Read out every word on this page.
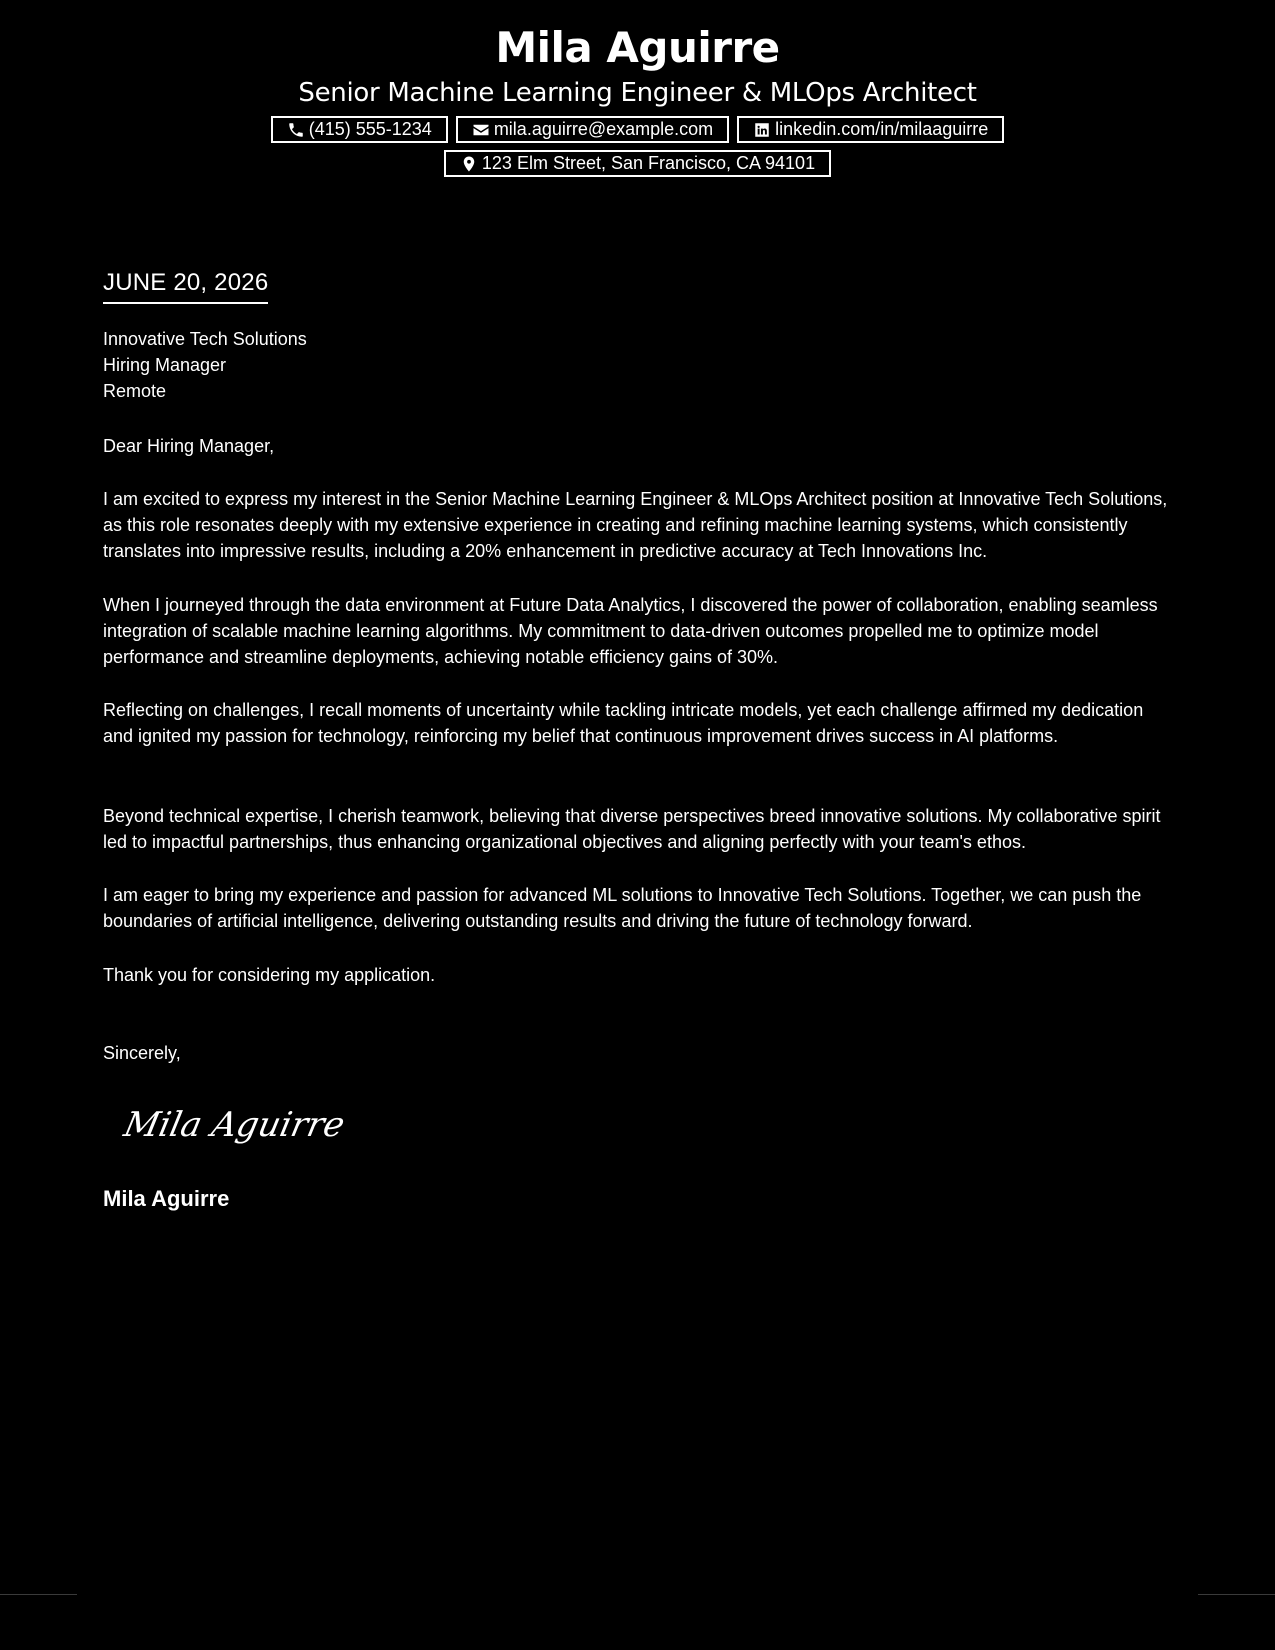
Mila Aguirre
Senior Machine Learning Engineer & MLOps Architect
(415) 555-1234	mila.aguirre@example.com	linkedin.com/in/milaaguirre
123 Elm Street, San Francisco, CA 94101
JUNE 20, 2026
Innovative Tech Solutions
Hiring Manager
Remote
Dear Hiring Manager,
I am excited to express my interest in the Senior Machine Learning Engineer & MLOps Architect position at Innovative Tech Solutions, as this role resonates deeply with my extensive experience in creating and refining machine learning systems, which consistently translates into impressive results, including a 20% enhancement in predictive accuracy at Tech Innovations Inc.
When I journeyed through the data environment at Future Data Analytics, I discovered the power of collaboration, enabling seamless integration of scalable machine learning algorithms. My commitment to data-driven outcomes propelled me to optimize model performance and streamline deployments, achieving notable efficiency gains of 30%.
Reflecting on challenges, I recall moments of uncertainty while tackling intricate models, yet each challenge affirmed my dedication and ignited my passion for technology, reinforcing my belief that continuous improvement drives success in AI platforms.
Beyond technical expertise, I cherish teamwork, believing that diverse perspectives breed innovative solutions. My collaborative spirit led to impactful partnerships, thus enhancing organizational objectives and aligning perfectly with your team's ethos.
I am eager to bring my experience and passion for advanced ML solutions to Innovative Tech Solutions. Together, we can push the boundaries of artificial intelligence, delivering outstanding results and driving the future of technology forward.
Thank you for considering my application.
Sincerely,
Mila Aguirre
Mila Aguirre
